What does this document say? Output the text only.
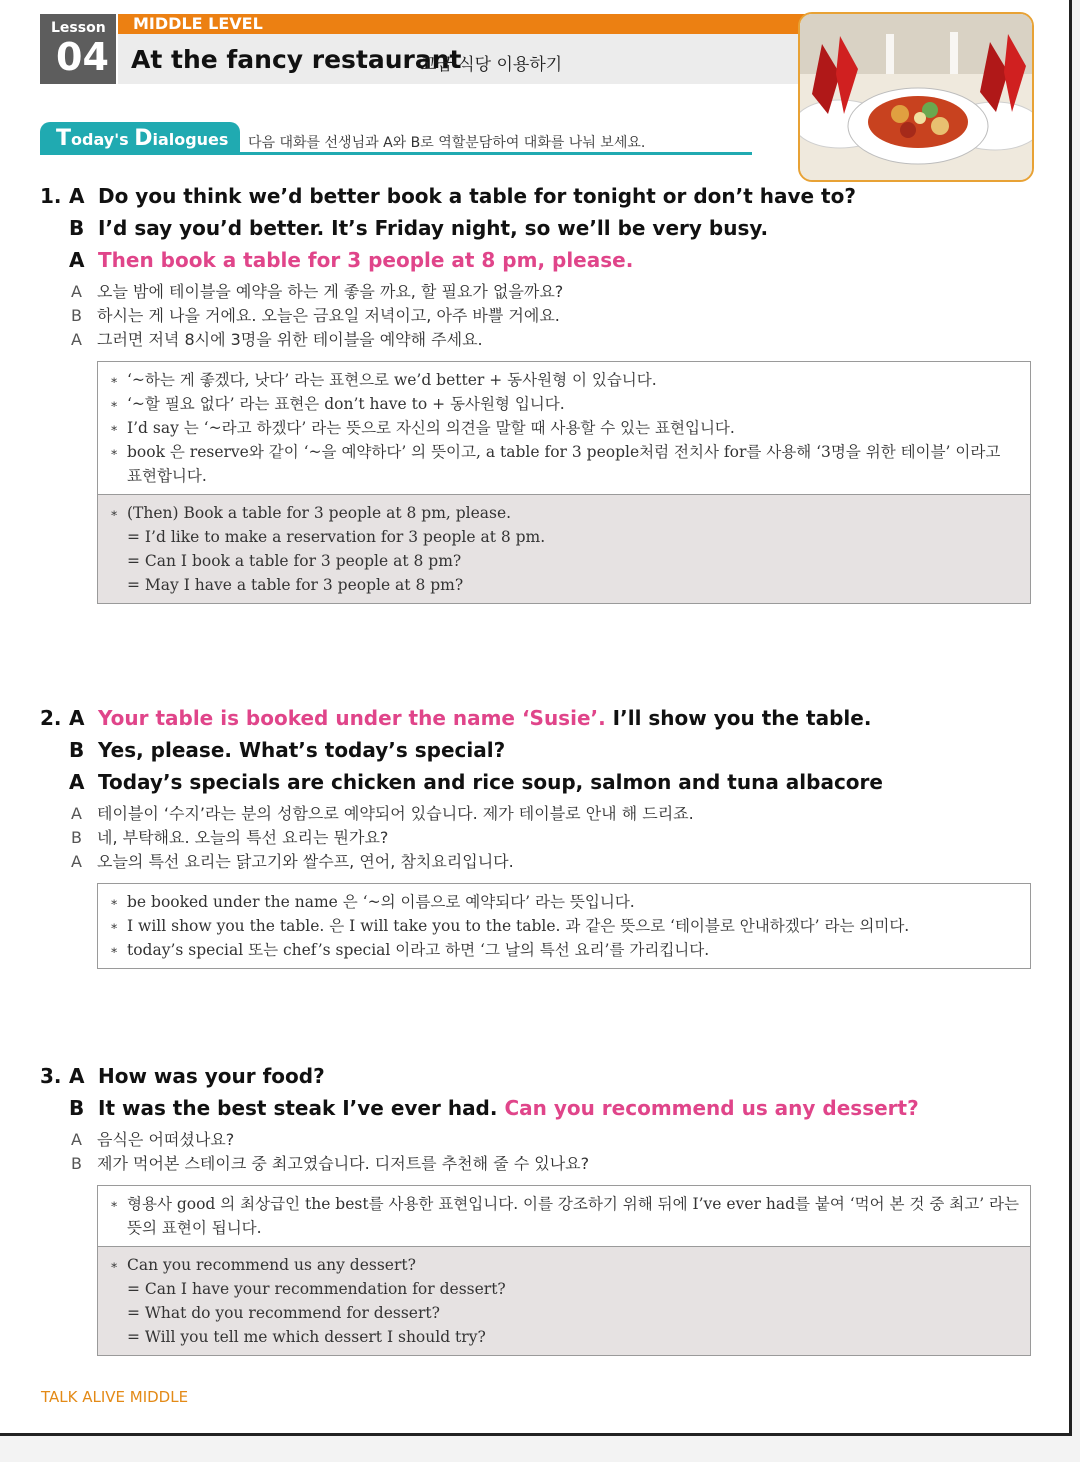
Lesson
04
MIDDLE LEVEL
At the fancy restaurant
고급 식당 이용하기
Today's Dialogues	다음 대화를 선생님과 A와 B로 역할분담하여 대화를 나눠 보세요.
1. A Do you think we’d better book a table for tonight or don’t have to?
B I’d say you’d better. It’s Friday night, so we’ll be very busy.
A Then book a table for 3 people at 8 pm, please.
A 오늘 밤에 테이블을 예약을 하는 게 좋을 까요, 할 필요가 없을까요?
B 하시는 게 나을 거에요. 오늘은 금요일 저녁이고, 아주 바쁠 거에요.
A 그러면 저녁 8시에 3명을 위한 테이블을 예약해 주세요.
∗ ‘~하는 게 좋겠다, 낫다’ 라는 표현으로 we’d better + 동사원형 이 있습니다.
∗ ‘~할 필요 없다’ 라는 표현은 don’t have to + 동사원형 입니다.
∗ I’d say 는 ‘~라고 하겠다’ 라는 뜻으로 자신의 의견을 말할 때 사용할 수 있는 표현입니다.
∗ book 은 reserve와 같이 ‘~을 예약하다’ 의 뜻이고, a table for 3 people처럼 전치사 for를 사용해 ‘3명을 위한 테이블’ 이라고 표현합니다.
∗ (Then) Book a table for 3 people at 8 pm, please.
= I’d like to make a reservation for 3 people at 8 pm.
= Can I book a table for 3 people at 8 pm?
= May I have a table for 3 people at 8 pm?
2. A Your table is booked under the name ‘Susie’. I’ll show you the table.
B Yes, please. What’s today’s special?
A Today’s specials are chicken and rice soup, salmon and tuna albacore
A 테이블이 ‘수지’라는 분의 성함으로 예약되어 있습니다. 제가 테이블로 안내 해 드리죠.
B 네, 부탁해요. 오늘의 특선 요리는 뭔가요?
A 오늘의 특선 요리는 닭고기와 쌀수프, 연어, 참치요리입니다.
∗ be booked under the name 은 ‘~의 이름으로 예약되다’ 라는 뜻입니다.
∗ I will show you the table. 은 I will take you to the table. 과 같은 뜻으로 ‘테이블로 안내하겠다’ 라는 의미다.
∗ today’s special 또는 chef’s special 이라고 하면 ‘그 날의 특선 요리’를 가리킵니다.
3. A How was your food?
B It was the best steak I’ve ever had. Can you recommend us any dessert?
A 음식은 어떠셨나요?
B 제가 먹어본 스테이크 중 최고였습니다. 디저트를 추천해 줄 수 있나요?
∗ 형용사 good 의 최상급인 the best를 사용한 표현입니다. 이를 강조하기 위해 뒤에 I’ve ever had를 붙여 ‘먹어 본 것 중 최고’ 라는 뜻의 표현이 됩니다.
∗ Can you recommend us any dessert?
= Can I have your recommendation for dessert?
= What do you recommend for dessert?
= Will you tell me which dessert I should try?
TALK ALIVE MIDDLE
